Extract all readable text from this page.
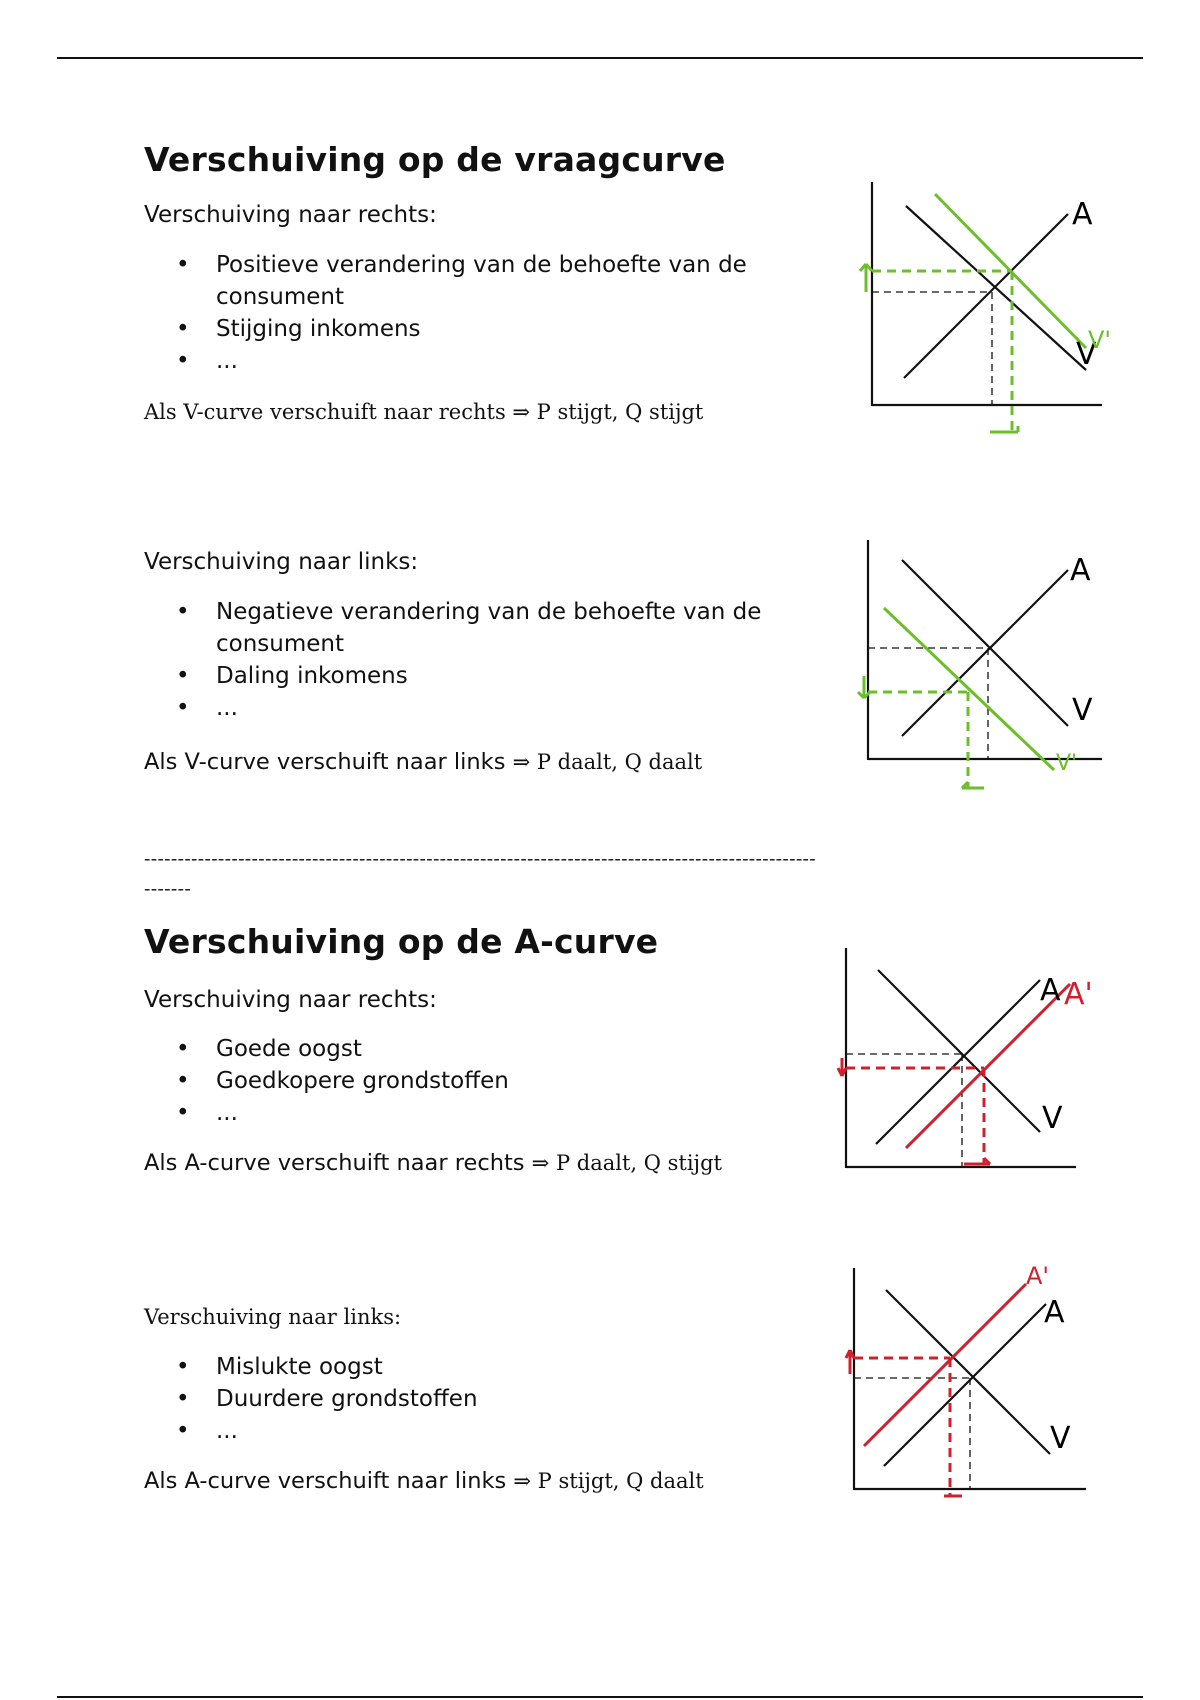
Verschuiving op de vraagcurve
Verschuiving naar rechts:
• Positieve verandering van de behoefte van de consument
• Stijging inkomens
• ...
Als V-curve verschuift naar rechts ⇒ P stijgt, Q stijgt
A
V
V'
Verschuiving naar links:
• Negatieve verandering van de behoefte van de consument
• Daling inkomens
• ...
Als V-curve verschuift naar links ⇒ P daalt, Q daalt
A
V
V'
----------------------------------------------------------------------------------------------------
-------
Verschuiving op de A-curve
Verschuiving naar rechts:
• Goede oogst
• Goedkopere grondstoffen
• ...
Als A-curve verschuift naar rechts ⇒ P daalt, Q stijgt
A
V
A'
Verschuiving naar links:
• Mislukte oogst
• Duurdere grondstoffen
• ...
Als A-curve verschuift naar links ⇒ P stijgt, Q daalt
A
V
A'
